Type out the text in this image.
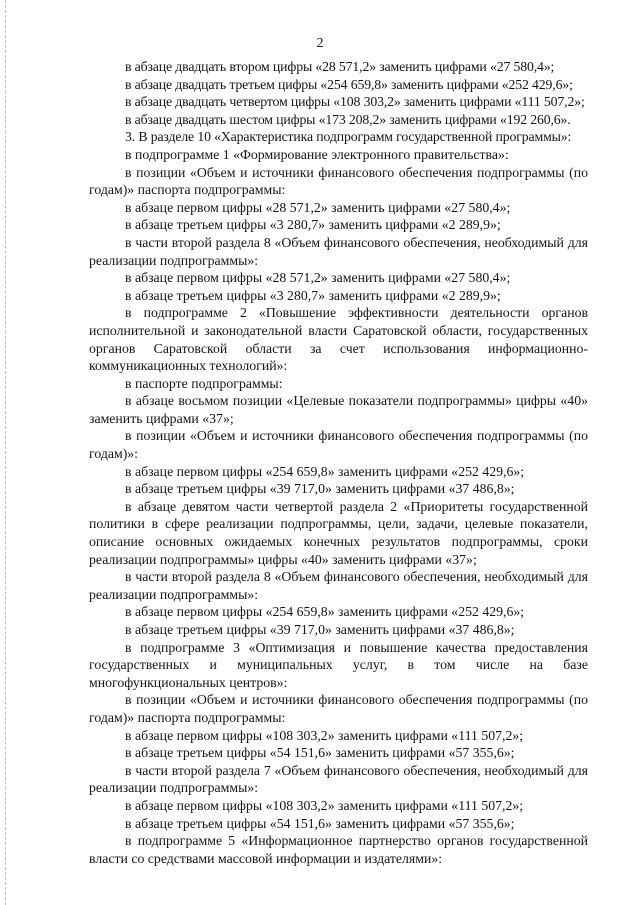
2

в абзаце двадцать втором цифры «28 571,2» заменить цифрами «27 580,4»;

в абзаце двадцать третьем цифры «254 659,8» заменить цифрами «252 429,6»;

в абзаце двадцать четвертом цифры «108 303,2» заменить цифрами «111 507,2»;

в абзаце двадцать шестом цифры «173 208,2» заменить цифрами «192 260,6».

3. В разделе 10 «Характеристика подпрограмм государственной программы»:

в подпрограмме 1 «Формирование электронного правительства»:

в позиции «Объем и источники финансового обеспечения подпрограммы (по годам)» паспорта подпрограммы:

в абзаце первом цифры «28 571,2» заменить цифрами «27 580,4»;

в абзаце третьем цифры «3 280,7» заменить цифрами «2 289,9»;

в части второй раздела 8 «Объем финансового обеспечения, необходимый для реализации подпрограммы»:

в абзаце первом цифры «28 571,2» заменить цифрами «27 580,4»;

в абзаце третьем цифры «3 280,7» заменить цифрами «2 289,9»;

в подпрограмме 2 «Повышение эффективности деятельности органов исполнительной и законодательной власти Саратовской области, государственных органов Саратовской области за счет использования информационно-коммуникационных технологий»:

в паспорте подпрограммы:

в абзаце восьмом позиции «Целевые показатели подпрограммы» цифры «40» заменить цифрами «37»;

в позиции «Объем и источники финансового обеспечения подпрограммы (по годам)»:

в абзаце первом цифры «254 659,8» заменить цифрами «252 429,6»;

в абзаце третьем цифры «39 717,0» заменить цифрами «37 486,8»;

в абзаце девятом части четвертой раздела 2 «Приоритеты государственной политики в сфере реализации подпрограммы, цели, задачи, целевые показатели, описание основных ожидаемых конечных результатов подпрограммы, сроки реализации подпрограммы» цифры «40» заменить цифрами «37»;

в части второй раздела 8 «Объем финансового обеспечения, необходимый для реализации подпрограммы»:

в абзаце первом цифры «254 659,8» заменить цифрами «252 429,6»;

в абзаце третьем цифры «39 717,0» заменить цифрами «37 486,8»;

в подпрограмме 3 «Оптимизация и повышение качества предоставления государственных и муниципальных услуг, в том числе на базе многофункциональных центров»:

в позиции «Объем и источники финансового обеспечения подпрограммы (по годам)» паспорта подпрограммы:

в абзаце первом цифры «108 303,2» заменить цифрами «111 507,2»;

в абзаце третьем цифры «54 151,6» заменить цифрами «57 355,6»;

в части второй раздела 7 «Объем финансового обеспечения, необходимый для реализации подпрограммы»:

в абзаце первом цифры «108 303,2» заменить цифрами «111 507,2»;

в абзаце третьем цифры «54 151,6» заменить цифрами «57 355,6»;

в подпрограмме 5 «Информационное партнерство органов государственной власти со средствами массовой информации и издателями»:
